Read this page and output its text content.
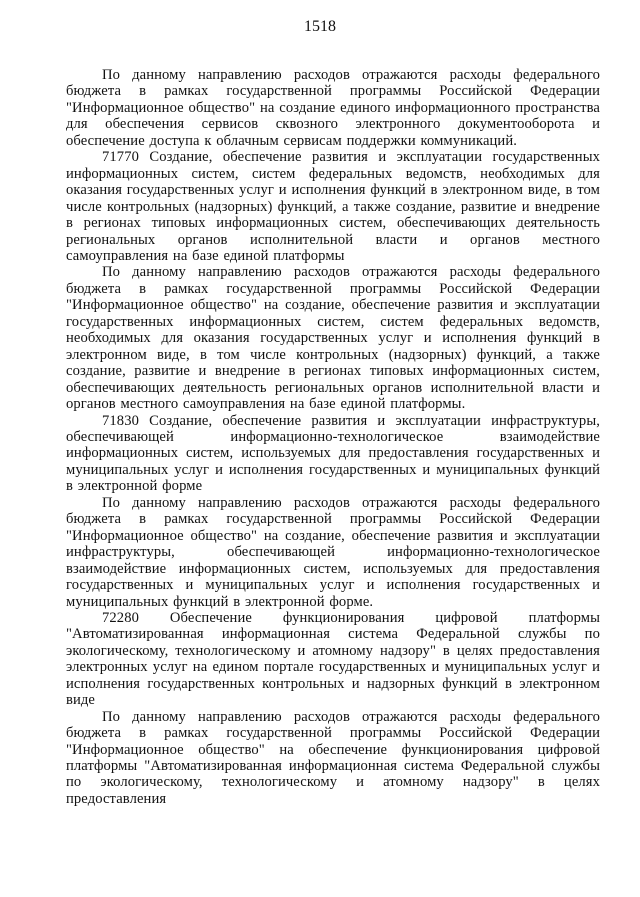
1518

По данному направлению расходов отражаются расходы федерального бюджета в рамках государственной программы Российской Федерации "Информационное общество" на создание единого информационного пространства для обеспечения сервисов сквозного электронного документооборота и обеспечение доступа к облачным сервисам поддержки коммуникаций.

71770 Создание, обеспечение развития и эксплуатации государственных информационных систем, систем федеральных ведомств, необходимых для оказания государственных услуг и исполнения функций в электронном виде, в том числе контрольных (надзорных) функций, а также создание, развитие и внедрение в регионах типовых информационных систем, обеспечивающих деятельность региональных органов исполнительной власти и органов местного самоуправления на базе единой платформы

По данному направлению расходов отражаются расходы федерального бюджета в рамках государственной программы Российской Федерации "Информационное общество" на создание, обеспечение развития и эксплуатации государственных информационных систем, систем федеральных ведомств, необходимых для оказания государственных услуг и исполнения функций в электронном виде, в том числе контрольных (надзорных) функций, а также создание, развитие и внедрение в регионах типовых информационных систем, обеспечивающих деятельность региональных органов исполнительной власти и органов местного самоуправления на базе единой платформы.

71830 Создание, обеспечение развития и эксплуатации инфраструктуры, обеспечивающей информационно-технологическое взаимодействие информационных систем, используемых для предоставления государственных и муниципальных услуг и исполнения государственных и муниципальных функций в электронной форме

По данному направлению расходов отражаются расходы федерального бюджета в рамках государственной программы Российской Федерации "Информационное общество" на создание, обеспечение развития и эксплуатации инфраструктуры, обеспечивающей информационно-технологическое взаимодействие информационных систем, используемых для предоставления государственных и муниципальных услуг и исполнения государственных и муниципальных функций в электронной форме.

72280 Обеспечение функционирования цифровой платформы "Автоматизированная информационная система Федеральной службы по экологическому, технологическому и атомному надзору" в целях предоставления электронных услуг на едином портале государственных и муниципальных услуг и исполнения государственных контрольных и надзорных функций в электронном виде

По данному направлению расходов отражаются расходы федерального бюджета в рамках государственной программы Российской Федерации "Информационное общество" на обеспечение функционирования цифровой платформы "Автоматизированная информационная система Федеральной службы по экологическому, технологическому и атомному надзору" в целях предоставления
